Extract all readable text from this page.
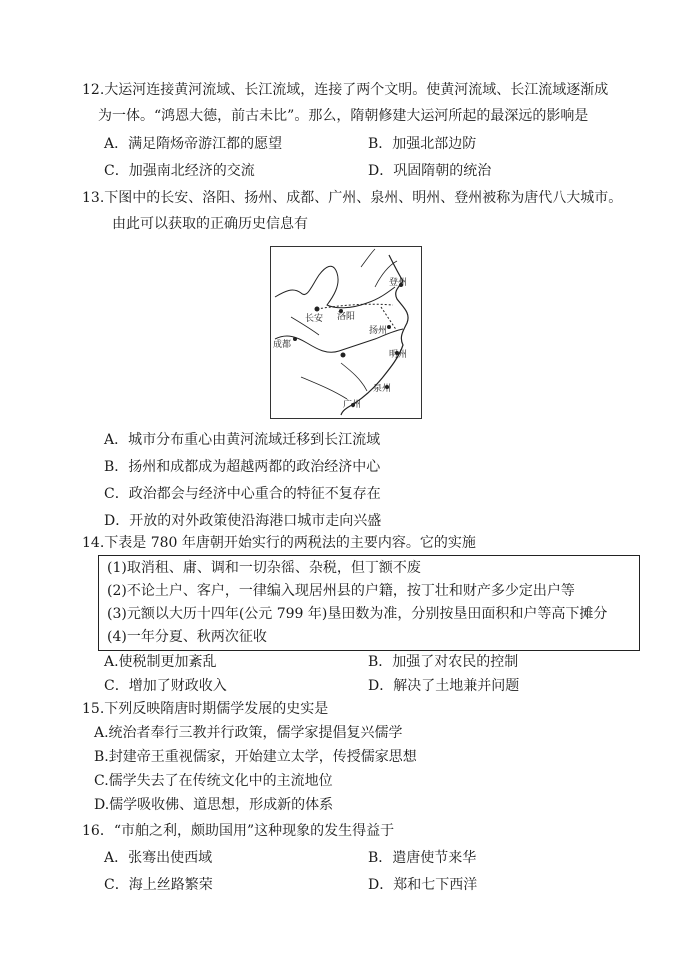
12.大运河连接黄河流域、长江流域，连接了两个文明。使黄河流域、长江流域逐渐成
为一体。“鸿恩大德，前古未比”。那么，隋朝修建大运河所起的最深远的影响是
A．满足隋炀帝游江都的愿望	B．加强北部边防
C．加强南北经济的交流	D．巩固隋朝的统治
13.下图中的长安、洛阳、扬州、成都、广州、泉州、明州、登州被称为唐代八大城市。
由此可以获取的正确历史信息有
登州
长安 洛阳
扬州
成都
明州
泉州
广州
A．城市分布重心由黄河流域迁移到长江流域
B．扬州和成都成为超越两都的政治经济中心
C．政治都会与经济中心重合的特征不复存在
D．开放的对外政策使沿海港口城市走向兴盛
14.下表是 780 年唐朝开始实行的两税法的主要内容。它的实施
(1)取消租、庸、调和一切杂徭、杂税，但丁额不废
(2)不论土户、客户，一律编入现居州县的户籍，按丁壮和财产多少定出户等
(3)元额以大历十四年(公元 799 年)垦田数为准，分别按垦田面积和户等高下摊分
(4)一年分夏、秋两次征收
A.使税制更加紊乱	B．加强了对农民的控制
C．增加了财政收入	D．解决了土地兼并问题
15.下列反映隋唐时期儒学发展的史实是
A.统治者奉行三教并行政策，儒学家提倡复兴儒学
B.封建帝王重视儒家，开始建立太学，传授儒家思想
C.儒学失去了在传统文化中的主流地位
D.儒学吸收佛、道思想，形成新的体系
16．“市舶之利，颇助国用”这种现象的发生得益于
A．张骞出使西域	B．遣唐使节来华
C．海上丝路繁荣	D．郑和七下西洋
